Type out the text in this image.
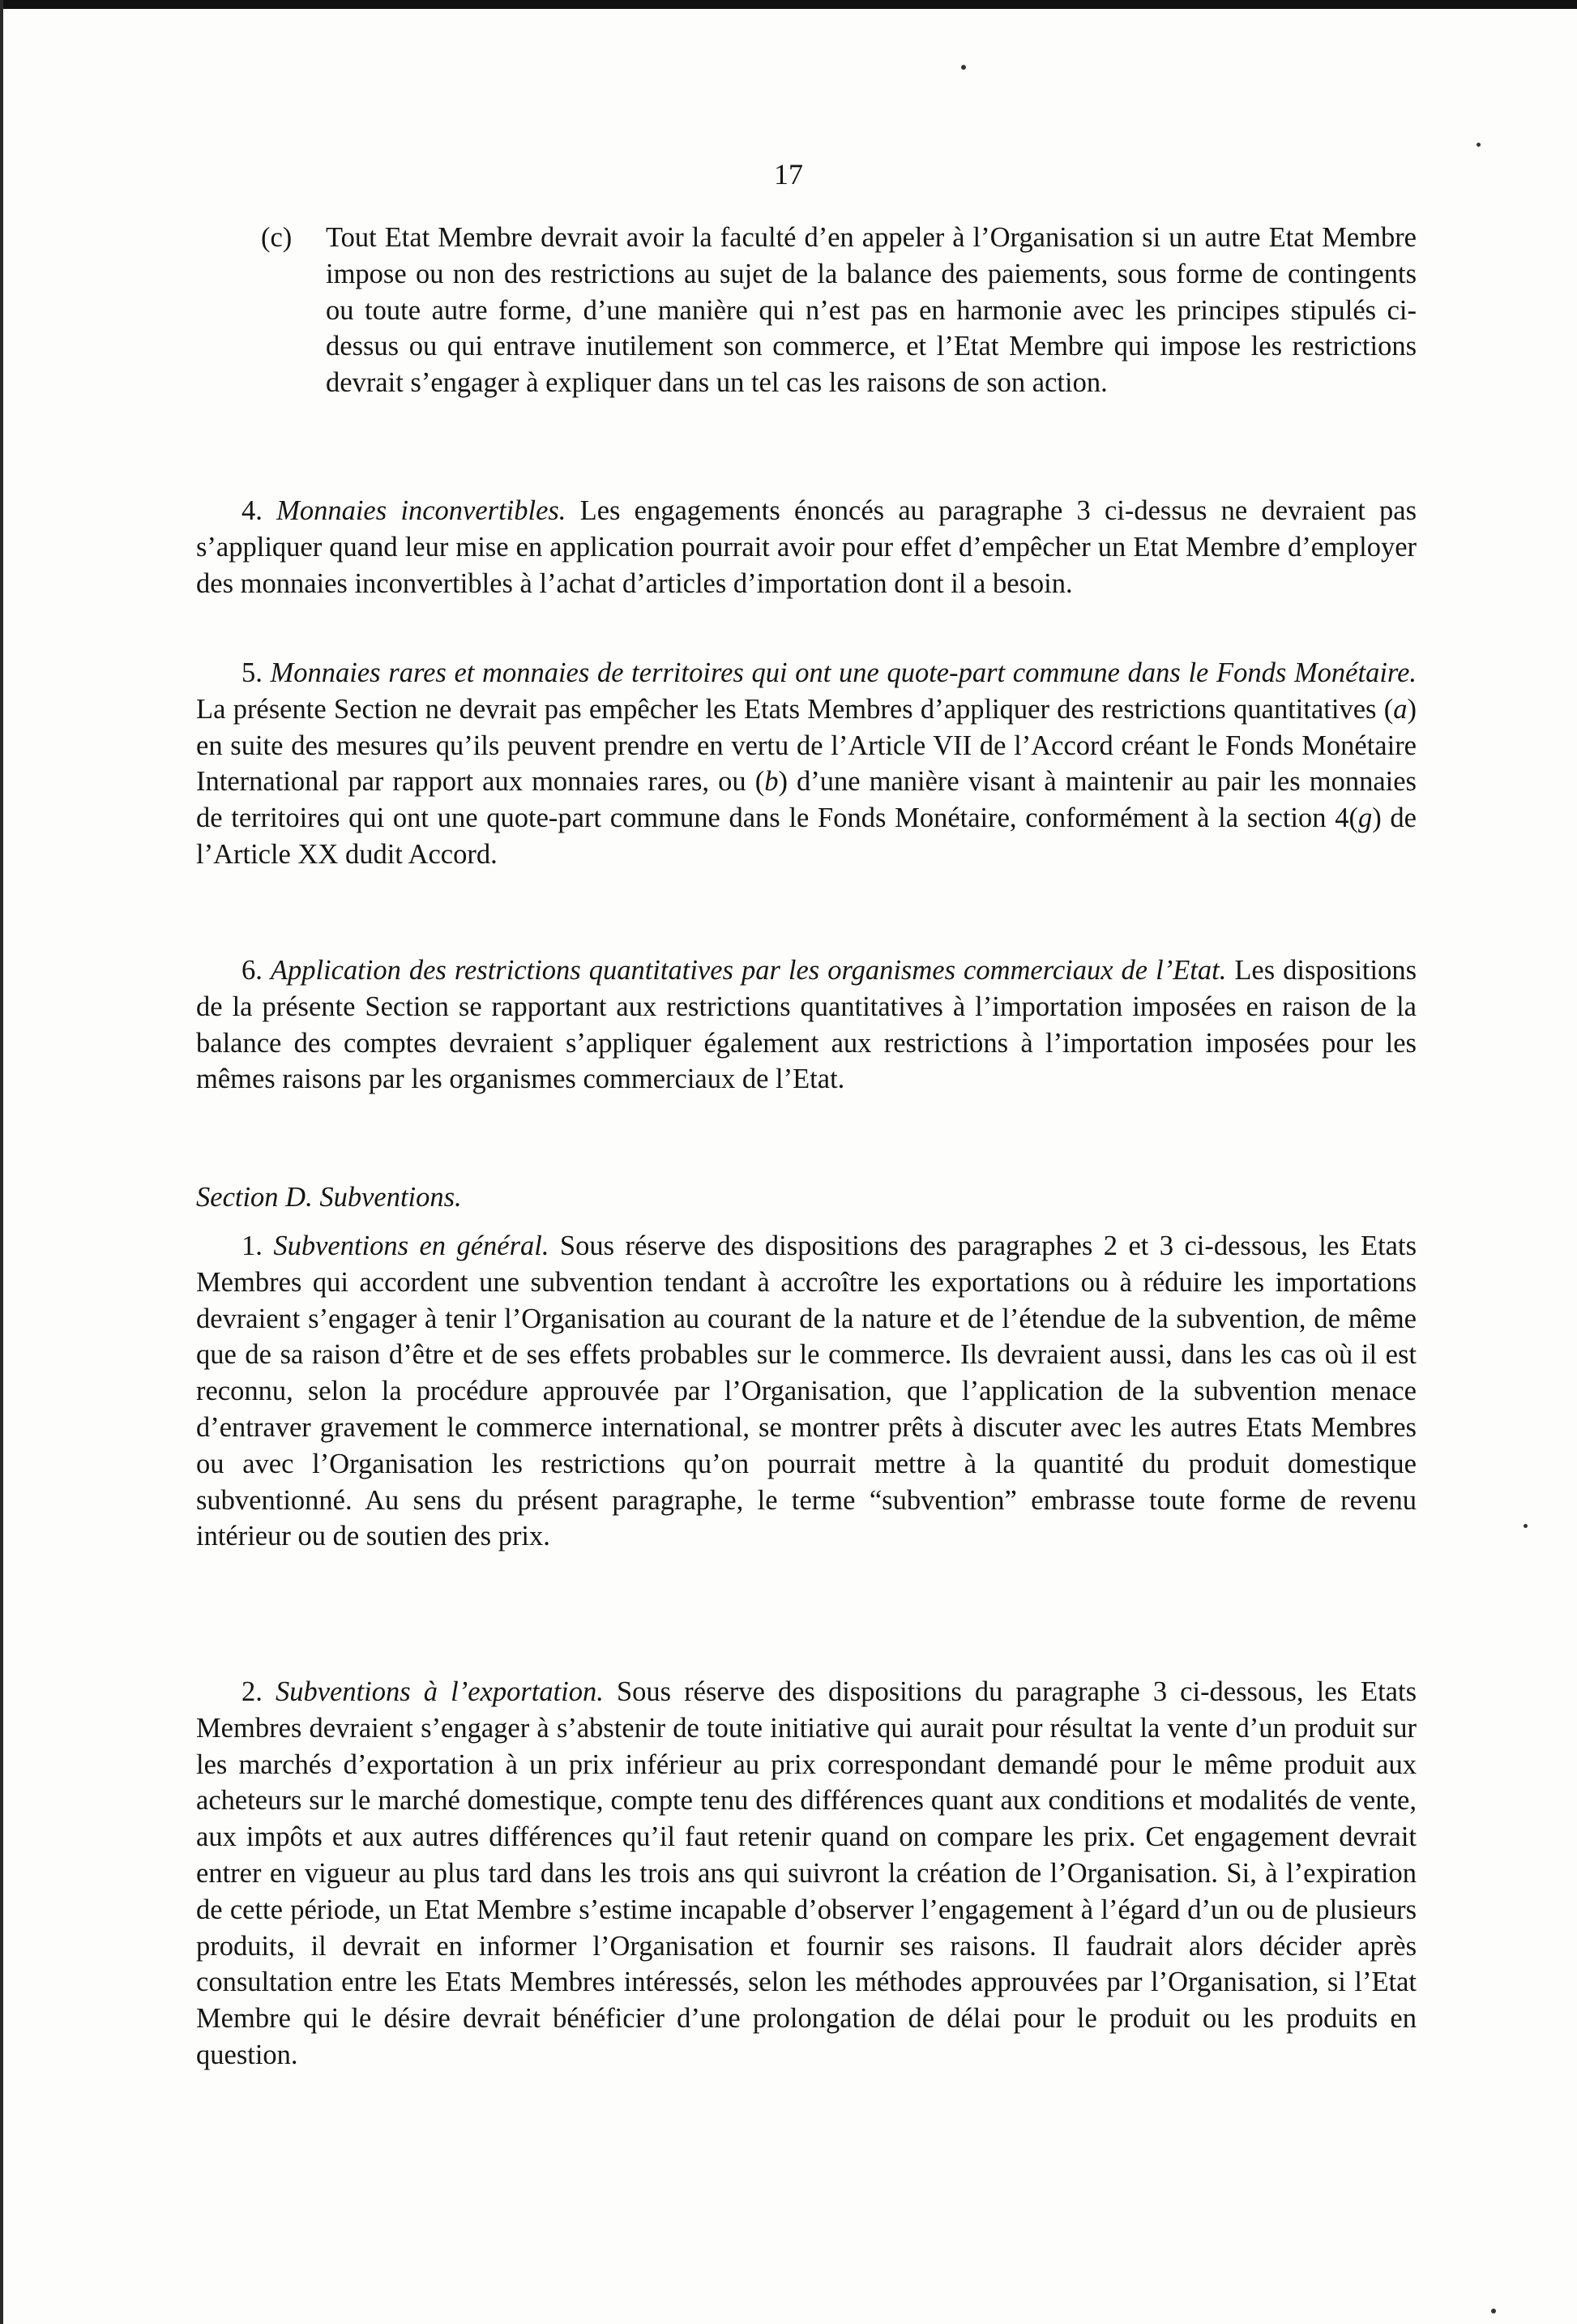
17

(c) Tout Etat Membre devrait avoir la faculté d’en appeler à l’Organisation si un autre Etat Membre impose ou non des restrictions au sujet de la balance des paiements, sous forme de contingents ou toute autre forme, d’une manière qui n’est pas en harmonie avec les principes stipulés ci-dessus ou qui entrave inutilement son commerce, et l’Etat Membre qui impose les restrictions devrait s’engager à expliquer dans un tel cas les raisons de son action.

4. Monnaies inconvertibles. Les engagements énoncés au paragraphe 3 ci-dessus ne devraient pas s’appliquer quand leur mise en application pourrait avoir pour effet d’empêcher un Etat Membre d’employer des monnaies inconvertibles à l’achat d’articles d’importation dont il a besoin.

5. Monnaies rares et monnaies de territoires qui ont une quote-part commune dans le Fonds Monétaire. La présente Section ne devrait pas empêcher les Etats Membres d’appliquer des restrictions quantitatives (a) en suite des mesures qu’ils peuvent prendre en vertu de l’Article VII de l’Accord créant le Fonds Monétaire International par rapport aux monnaies rares, ou (b) d’une manière visant à maintenir au pair les monnaies de territoires qui ont une quote-part commune dans le Fonds Monétaire, conformément à la section 4(g) de l’Article XX dudit Accord.

6. Application des restrictions quantitatives par les organismes commerciaux de l’Etat. Les dispositions de la présente Section se rapportant aux restrictions quantitatives à l’importation imposées en raison de la balance des comptes devraient s’appliquer également aux restrictions à l’importation imposées pour les mêmes raisons par les organismes commerciaux de l’Etat.

Section D. Subventions.

1. Subventions en général. Sous réserve des dispositions des paragraphes 2 et 3 ci-dessous, les Etats Membres qui accordent une subvention tendant à accroître les exportations ou à réduire les importations devraient s’engager à tenir l’Organisation au courant de la nature et de l’étendue de la subvention, de même que de sa raison d’être et de ses effets probables sur le commerce. Ils devraient aussi, dans les cas où il est reconnu, selon la procédure approuvée par l’Organisation, que l’application de la subvention menace d’entraver gravement le commerce international, se montrer prêts à discuter avec les autres Etats Membres ou avec l’Organisation les restrictions qu’on pourrait mettre à la quantité du produit domestique subventionné. Au sens du présent paragraphe, le terme “subvention” embrasse toute forme de revenu intérieur ou de soutien des prix.

2. Subventions à l’exportation. Sous réserve des dispositions du paragraphe 3 ci-dessous, les Etats Membres devraient s’engager à s’abstenir de toute initiative qui aurait pour résultat la vente d’un produit sur les marchés d’exportation à un prix inférieur au prix correspondant demandé pour le même produit aux acheteurs sur le marché domestique, compte tenu des différences quant aux conditions et modalités de vente, aux impôts et aux autres différences qu’il faut retenir quand on compare les prix. Cet engagement devrait entrer en vigueur au plus tard dans les trois ans qui suivront la création de l’Organisation. Si, à l’expiration de cette période, un Etat Membre s’estime incapable d’observer l’engagement à l’égard d’un ou de plusieurs produits, il devrait en informer l’Organisation et fournir ses raisons. Il faudrait alors décider après consultation entre les Etats Membres intéressés, selon les méthodes approuvées par l’Organisation, si l’Etat Membre qui le désire devrait bénéficier d’une prolongation de délai pour le produit ou les produits en question.
